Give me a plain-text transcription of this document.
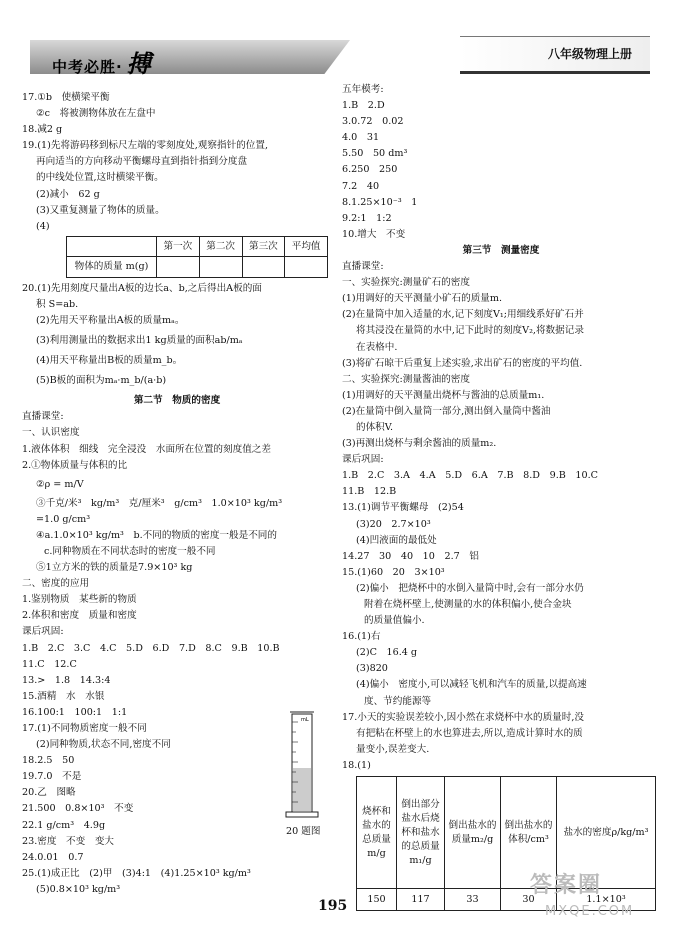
中考必胜· 搏	八年级物理上册
17.①b　使横梁平衡
②c　将被测物体放在左盘中
18.减2 g
19.(1)先将游码移到标尺左端的零刻度处,观察指针的位置,
再向适当的方向移动平衡螺母直到指针指到分度盘
的中线处位置,这时横梁平衡。
(2)减小　62 g
(3)又重复测量了物体的质量。
(4)
	第一次	第二次	第三次	平均值
物体的质量 m(g)				
20.(1)先用刻度尺量出A板的边长a、b,之后得出A板的面
积 S=ab.
(2)先用天平称量出A板的质量mₐ。
(3)利用测量出的数据求出1 kg质量的面积ab/mₐ
(4)用天平称量出B板的质量m_b。
(5)B板的面积为mₐ·m_b/(a·b)
第二节　物质的密度
直播课堂:
一、认识密度
1.液体体积　细线　完全浸没　水面所在位置的刻度值之差
2.①物体质量与体积的比
②ρ = m/V
③千克/米³　kg/m³　克/厘米³　g/cm³　1.0×10³ kg/m³
=1.0 g/cm³
④a.1.0×10³ kg/m³　b.不同的物质的密度一般是不同的
c.同种物质在不同状态时的密度一般不同
⑤1立方米的铁的质量是7.9×10³ kg
二、密度的应用
1.鉴别物质　某些新的物质
2.体积和密度　质量和密度
课后巩固:
1.B　2.C　3.C　4.C　5.D　6.D　7.D　8.C　9.B　10.B
11.C　12.C
13.>　1.8　14.3:4
15.酒精　水　水银
16.100:1　100:1　1:1
17.(1)不同物质密度一般不同
(2)同种物质,状态不同,密度不同
18.2.5　50
19.7.0　不是
20.乙　图略
21.500　0.8×10³　不变
22.1 g/cm³　4.9g
23.密度　不变　变大
24.0.01　0.7
25.(1)成正比　(2)甲　(3)4:1　(4)1.25×10³ kg/m³
(5)0.8×10³ kg/m³
mL
20 题图
五年模考:
1.B　2.D
3.0.72　0.02
4.0　31
5.50　50 dm³
6.250　250
7.2　40
8.1.25×10⁻³　1
9.2:1　1:2
10.增大　不变
第三节　测量密度
直播课堂:
一、实验探究:测量矿石的密度
(1)用调好的天平测量小矿石的质量m.
(2)在量筒中加入适量的水,记下刻度V₁;用细线系好矿石并
将其浸没在量筒的水中,记下此时的刻度V₂,将数据记录
在表格中.
(3)将矿石晾干后重复上述实验,求出矿石的密度的平均值.
二、实验探究:测量酱油的密度
(1)用调好的天平测量出烧杯与酱油的总质量m₁.
(2)在量筒中倒入量筒一部分,测出倒入量筒中酱油
的体积V.
(3)再测出烧杯与剩余酱油的质量m₂.
课后巩固:
1.B　2.C　3.A　4.A　5.D　6.A　7.B　8.D　9.B　10.C
11.B　12.B
13.(1)调节平衡螺母　(2)54
(3)20　2.7×10³
(4)凹液面的最低处
14.27　30　40　10　2.7　铝
15.(1)60　20　3×10³
(2)偏小　把烧杯中的水倒入量筒中时,会有一部分水仍
附着在烧杯壁上,使测量的水的体积偏小,使合金块
的质量值偏小.
16.(1)右
(2)C　16.4 g
(3)820
(4)偏小　密度小,可以减轻飞机和汽车的质量,以提高速
度、节约能源等
17.小天的实验误差较小,因小然在求烧杯中水的质量时,没
有把粘在杯壁上的水也算进去,所以,造成计算时水的质
量变小,误差变大.
18.(1)
烧杯和盐水的总质量m/g	倒出部分盐水后烧杯和盐水的总质量m₁/g	倒出盐水的质量m₂/g	倒出盐水的体积/cm³	盐水的密度ρ/kg/m³
150	117	33	30	1.1×10³
195
答案圈
MXQE.COM
